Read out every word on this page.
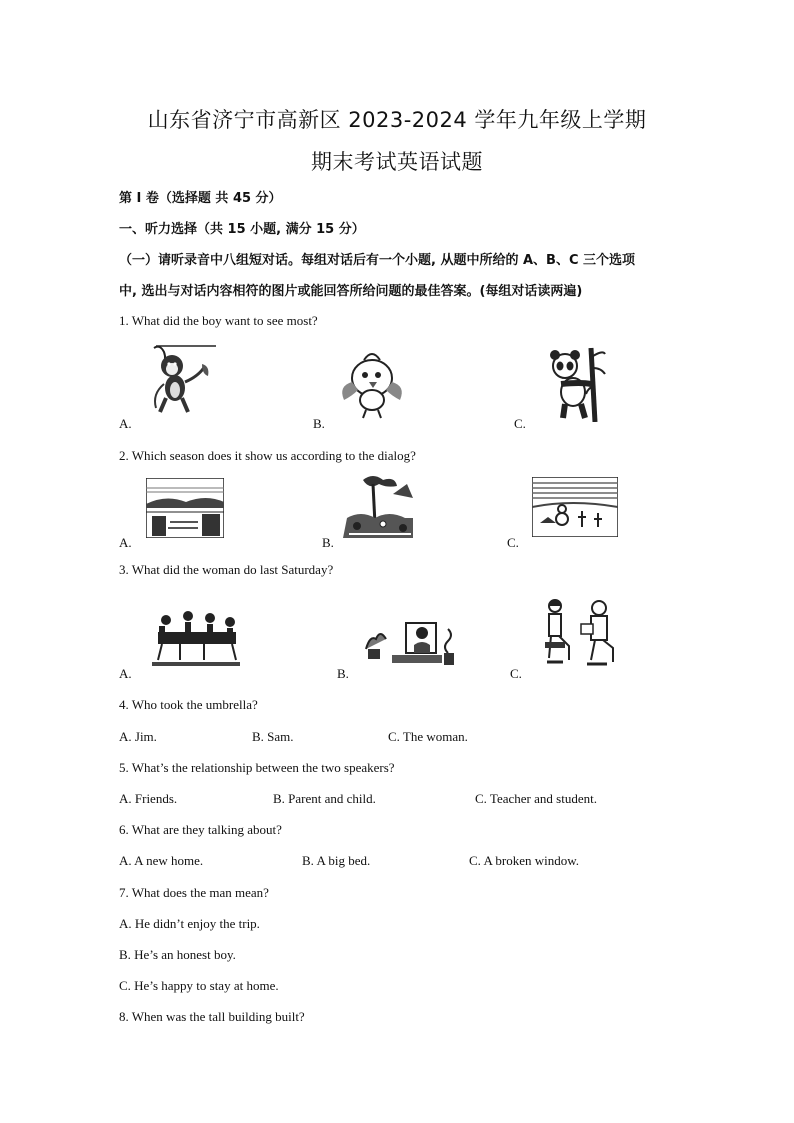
山东省济宁市高新区 2023-2024 学年九年级上学期
期末考试英语试题
第 I 卷（选择题 共 45 分）
一、听力选择（共 15 小题, 满分 15 分）
（一）请听录音中八组短对话。每组对话后有一个小题, 从题中所给的 A、B、C 三个选项
中, 选出与对话内容相符的图片或能回答所给问题的最佳答案。(每组对话读两遍)
1. What did the boy want to see most?
A.	B.	C.
2. Which season does it show us according to the dialog?
A.	B.	C.
3. What did the woman do last Saturday?
A.	B.	C.
4. Who took the umbrella?
A. Jim.	B. Sam.	C. The woman.
5. What’s the relationship between the two speakers?
A. Friends.	B. Parent and child.	C. Teacher and student.
6. What are they talking about?
A. A new home.	B. A big bed.	C. A broken window.
7. What does the man mean?
A. He didn’t enjoy the trip.
B. He’s an honest boy.
C. He’s happy to stay at home.
8. When was the tall building built?
